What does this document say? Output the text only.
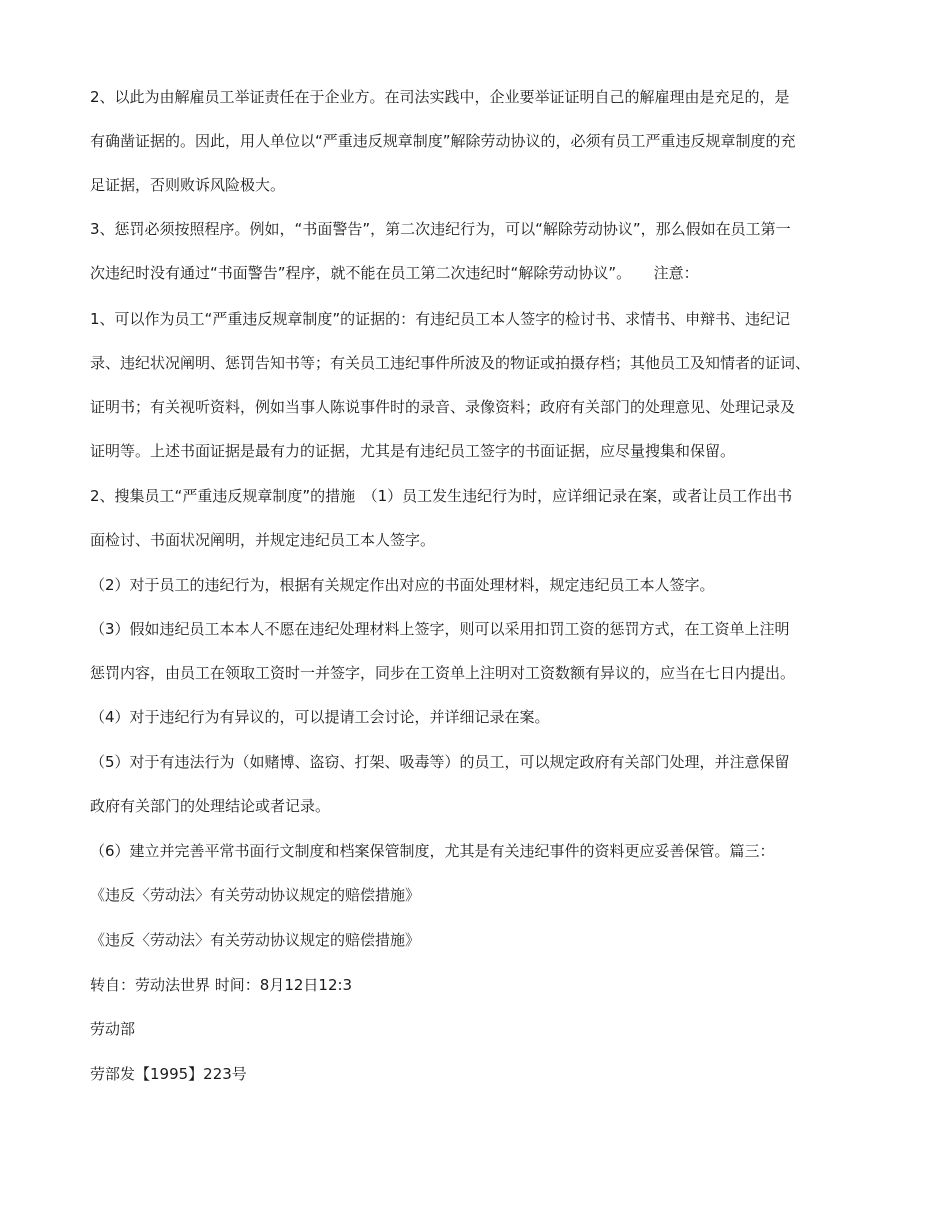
2、以此为由解雇员工举证责任在于企业方。在司法实践中，企业要举证证明自己的解雇理由是充足的，是
有确凿证据的。因此，用人单位以“严重违反规章制度”解除劳动协议的，必须有员工严重违反规章制度的充
足证据，否则败诉风险极大。
3、惩罚必须按照程序。例如，“书面警告”，第二次违纪行为，可以“解除劳动协议”，那么假如在员工第一
次违纪时没有通过“书面警告”程序，就不能在员工第二次违纪时“解除劳动协议”。　　注意：
1、可以作为员工“严重违反规章制度”的证据的：有违纪员工本人签字的检讨书、求情书、申辩书、违纪记
录、违纪状况阐明、惩罚告知书等；有关员工违纪事件所波及的物证或拍摄存档；其他员工及知情者的证词、
证明书；有关视听资料，例如当事人陈说事件时的录音、录像资料；政府有关部门的处理意见、处理记录及
证明等。上述书面证据是最有力的证据，尤其是有违纪员工签字的书面证据，应尽量搜集和保留。
2、搜集员工“严重违反规章制度”的措施　（1）员工发生违纪行为时，应详细记录在案，或者让员工作出书
面检讨、书面状况阐明，并规定违纪员工本人签字。
（2）对于员工的违纪行为，根据有关规定作出对应的书面处理材料，规定违纪员工本人签字。
（3）假如违纪员工本本人不愿在违纪处理材料上签字，则可以采用扣罚工资的惩罚方式，在工资单上注明
惩罚内容，由员工在领取工资时一并签字，同步在工资单上注明对工资数额有异议的，应当在七日内提出。
（4）对于违纪行为有异议的，可以提请工会讨论，并详细记录在案。
（5）对于有违法行为（如赌博、盗窃、打架、吸毒等）的员工，可以规定政府有关部门处理，并注意保留
政府有关部门的处理结论或者记录。
（6）建立并完善平常书面行文制度和档案保管制度，尤其是有关违纪事件的资料更应妥善保管。篇三：
《违反〈劳动法〉有关劳动协议规定的赔偿措施》
《违反〈劳动法〉有关劳动协议规定的赔偿措施》
转自：劳动法世界 时间：8月12日12:3
劳动部
劳部发【1995】223号
